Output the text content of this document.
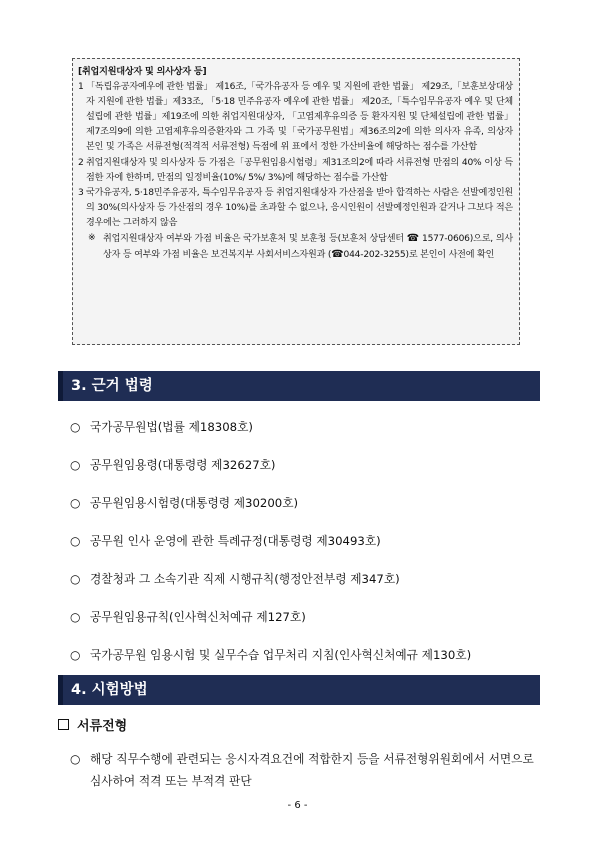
[취업지원대상자 및 의사상자 등]
1 「독립유공자예우에 관한 법률」 제16조,「국가유공자 등 예우 및 지원에 관한 법률」 제29조,「보훈보상대상자 지원에 관한 법률」제33조, 「5·18 민주유공자 예우에 관한 법률」 제20조,「특수임무유공자 예우 및 단체설립에 관한 법률」제19조에 의한 취업지원대상자, 「고엽제후유의증 등 환자지원 및 단체설립에 관한 법률」제7조의9에 의한 고엽제후유의증환자와 그 가족 및「국가공무원법」제36조의2에 의한 의사자 유족, 의상자 본인 및 가족은 서류전형(적격적 서류전형) 득점에 위 표에서 정한 가산비율에 해당하는 점수를 가산함
2 취업지원대상자 및 의사상자 등 가점은「공무원임용시험령」제31조의2에 따라 서류전형 만점의 40% 이상 득점한 자에 한하며, 만점의 일정비율(10%/ 5%/ 3%)에 해당하는 점수를 가산함
3 국가유공자, 5·18민주유공자, 특수임무유공자 등 취업지원대상자 가산점을 받아 합격하는 사람은 선발예정인원의 30%(의사상자 등 가산점의 경우 10%)를 초과할 수 없으나, 응시인원이 선발예정인원과 같거나 그보다 적은 경우에는 그러하지 않음
※ 취업지원대상자 여부와 가점 비율은 국가보훈처 및 보훈청 등(보훈처 상담센터 ☎ 1577-0606)으로, 의사상자 등 여부와 가점 비율은 보건복지부 사회서비스자원과 (☎044-202-3255)로 본인이 사전에 확인
3. 근거 법령
○ 국가공무원법(법률 제18308호)
○ 공무원임용령(대통령령 제32627호)
○ 공무원임용시험령(대통령령 제30200호)
○ 공무원 인사 운영에 관한 특례규정(대통령령 제30493호)
○ 경찰청과 그 소속기관 직제 시행규칙(행정안전부령 제347호)
○ 공무원임용규칙(인사혁신처예규 제127호)
○ 국가공무원 임용시험 및 실무수습 업무처리 지침(인사혁신처예규 제130호)
4. 시험방법
서류전형
○ 해당 직무수행에 관련되는 응시자격요건에 적합한지 등을 서류전형위원회에서 서면으로 심사하여 적격 또는 부적격 판단
- 6 -
